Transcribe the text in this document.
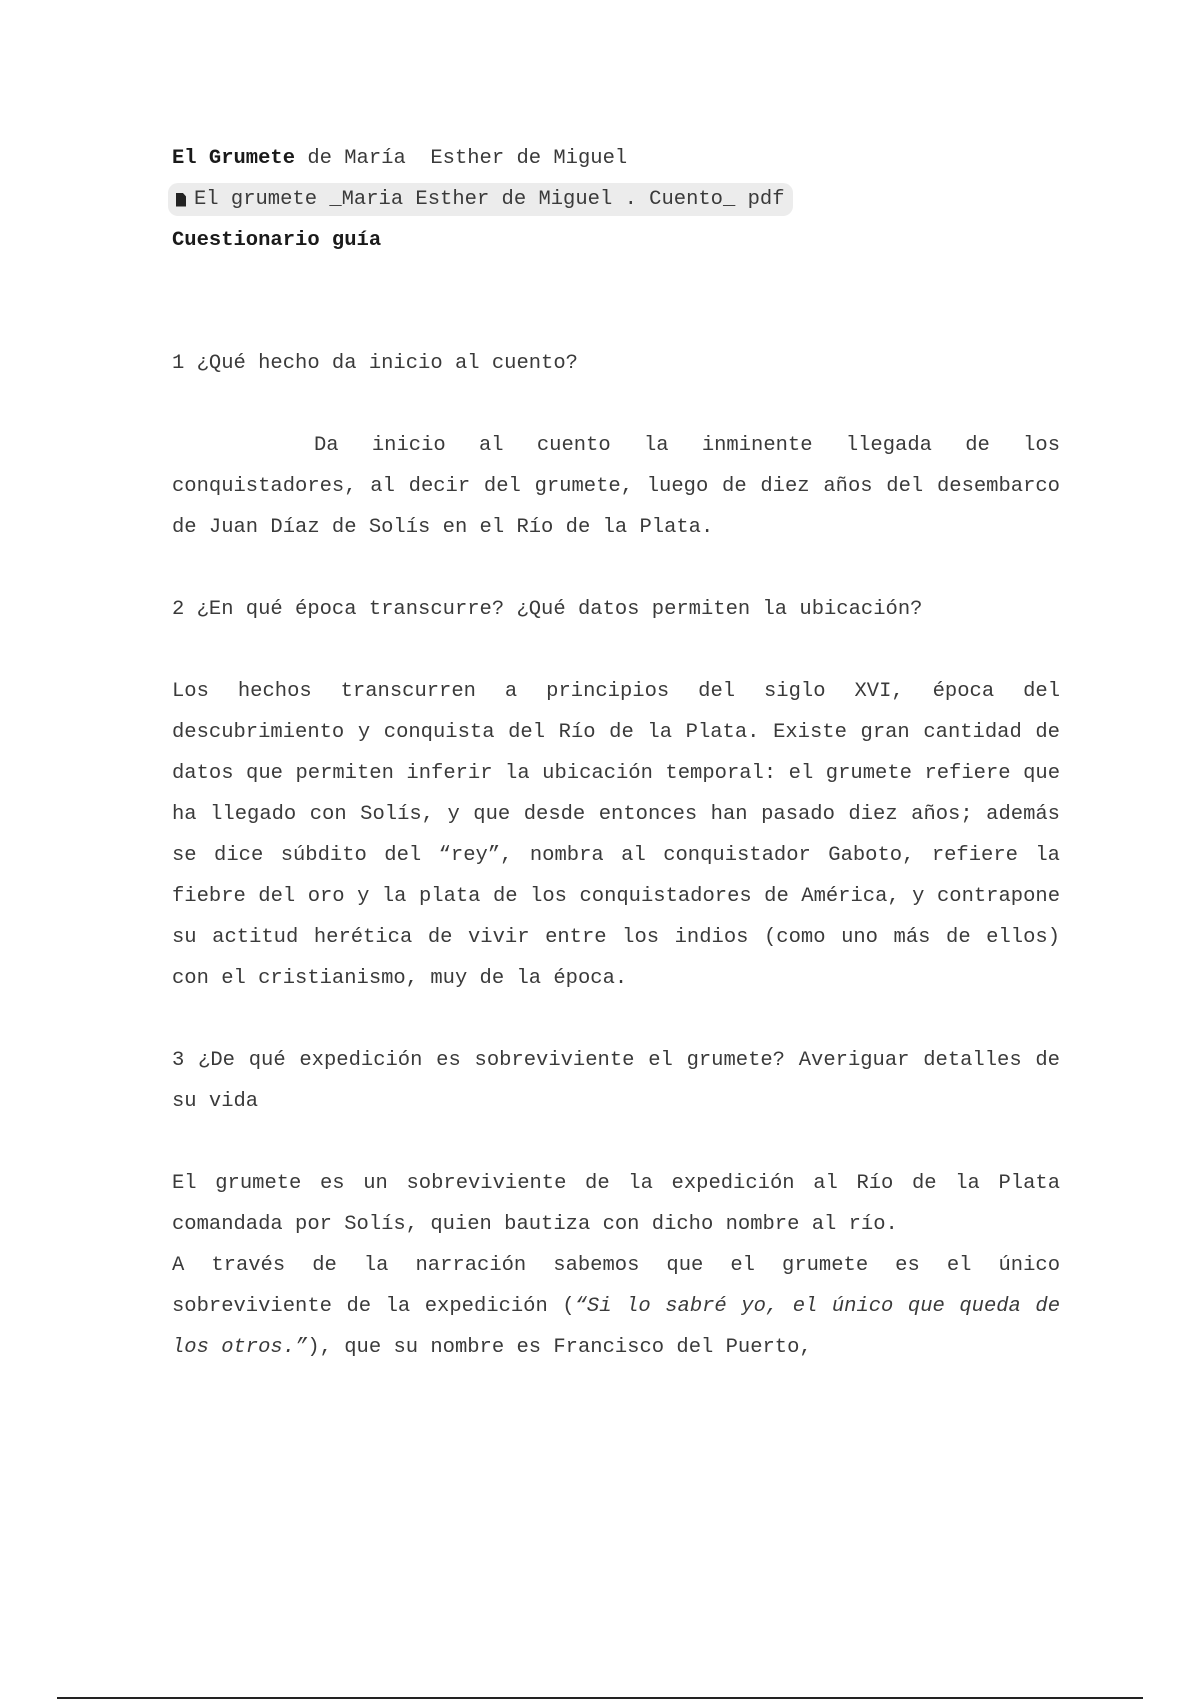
El Grumete de María  Esther de Miguel
El grumete _Maria Esther de Miguel . Cuento_ pdf
Cuestionario guía
1 ¿Qué hecho da inicio al cuento?
Da inicio al cuento la inminente llegada de los conquistadores, al decir del grumete, luego de diez años del desembarco de Juan Díaz de Solís en el Río de la Plata.
2 ¿En qué época transcurre? ¿Qué datos permiten la ubicación?
Los hechos transcurren a principios del siglo XVI, época del descubrimiento y conquista del Río de la Plata. Existe gran cantidad de datos que permiten inferir la ubicación temporal: el grumete refiere que ha llegado con Solís, y que desde entonces han pasado diez años; además se dice súbdito del “rey”, nombra al conquistador Gaboto, refiere la fiebre del oro y la plata de los conquistadores de América, y contrapone su actitud herética de vivir entre los indios (como uno más de ellos) con el cristianismo, muy de la época.
3 ¿De qué expedición es sobreviviente el grumete? Averiguar detalles de su vida
El grumete es un sobreviviente de la expedición al Río de la Plata comandada por Solís, quien bautiza con dicho nombre al río.
A través de la narración sabemos que el grumete es el único sobreviviente de la expedición (“Si lo sabré yo, el único que queda de los otros.”), que su nombre es Francisco del Puerto,
